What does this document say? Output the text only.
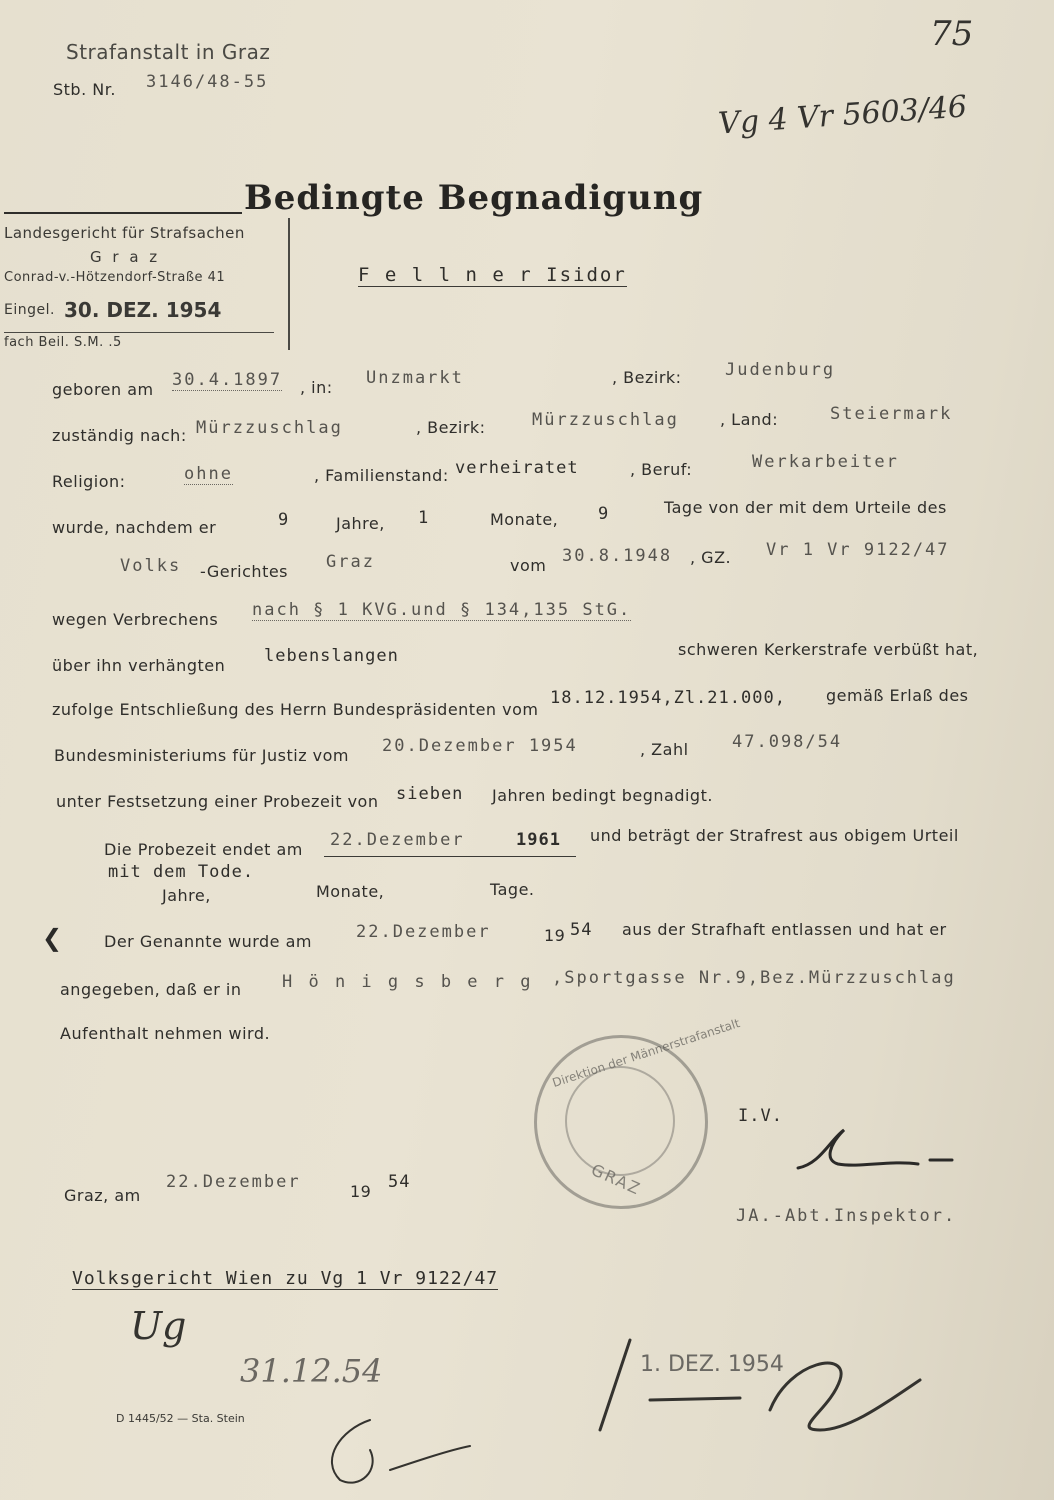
Strafanstalt in Graz
Stb. Nr. 3146/48-55
75
Vg 4 Vr 5603/46
Bedingte Begnadigung
Landesgericht für Strafsachen
G r a z
Conrad-v.-Hötzendorf-Straße 41
Eingel. 30. DEZ. 1954
fach Beil. S.M. .5
F e l l n e r Isidor
geboren am 30.4.1897 , in: Unzmarkt	, Bezirk:	Judenburg
zuständig nach: Mürzzuschlag	, Bezirk:	Mürzzuschlag	, Land:	Steiermark
Religion:	ohne	, Familienstand: verheiratet	, Beruf:	Werkarbeiter
wurde, nachdem er	9	Jahre, 1	Monate, 9	Tage von der mit dem Urteile des
Volks -Gerichtes Graz	vom 30.8.1948 , GZ. Vr 1 Vr 9122/47
wegen Verbrechens nach § 1 KVG.und § 134,135 StG.
über ihn verhängten lebenslangen	schweren Kerkerstrafe verbüßt hat,
zufolge Entschließung des Herrn Bundespräsidenten vom
18.12.1954,Zl.21.000,	gemäß Erlaß des
Bundesministeriums für Justiz vom 20.Dezember 1954	, Zahl	47.098/54
unter Festsetzung einer Probezeit von sieben Jahren bedingt begnadigt.
Die Probezeit endet am 22.Dezember	1961 und beträgt der Strafrest aus obigem Urteil
mit dem Tode.
Jahre,	Monate,	Tage.
❮	Der Genannte wurde am	22.Dezember	19 54 aus der Strafhaft entlassen und hat er
angegeben, daß er in H ö n i g s b e r g ,Sportgasse Nr.9,Bez.Mürzzuschlag
Aufenthalt nehmen wird.	Direktion der Männerstrafanstalt
GRAZ
I.V.
JA.-Abt.Inspektor.
Graz, am
22.Dezember	19 54
Volksgericht Wien zu Vg 1 Vr 9122/47
Ug
31.12.54	1. DEZ. 1954
D 1445/52 — Sta. Stein
